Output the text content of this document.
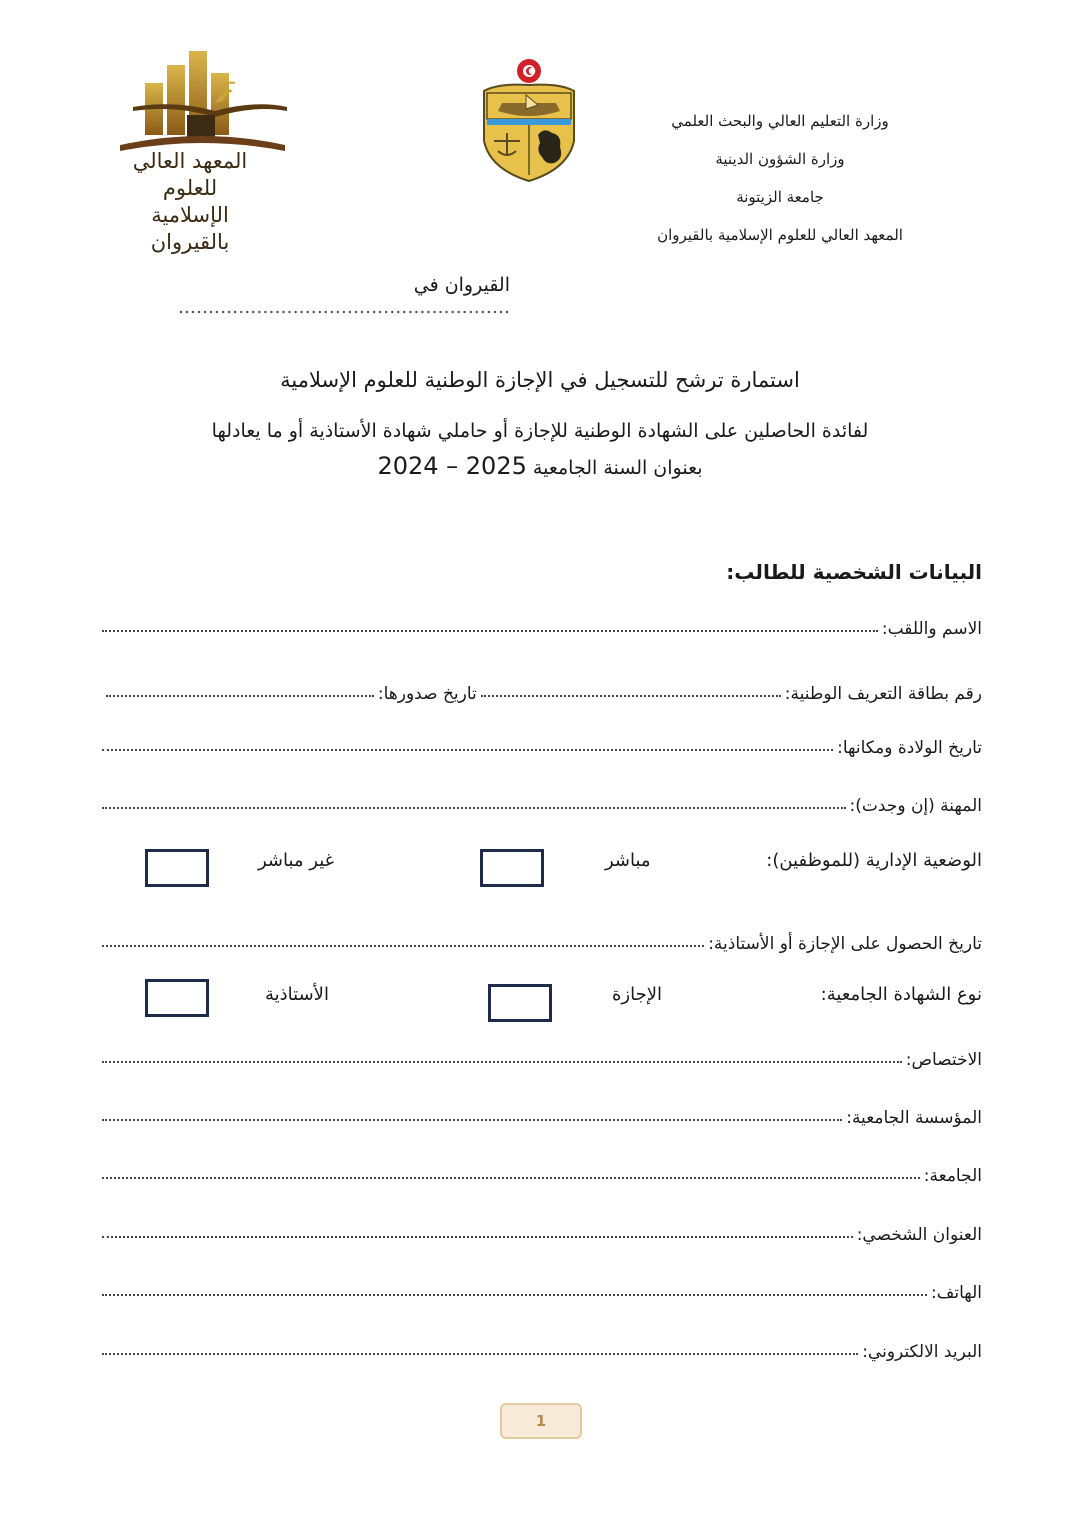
وزارة التعليم العالي والبحث العلمي
وزارة الشؤون الدينية
جامعة الزيتونة
المعهد العالي للعلوم الإسلامية بالقيروان
المعهد العالي للعلوم
الإسلامية بالقيروان
القيروان في .......................................................
استمارة ترشح للتسجيل في الإجازة الوطنية للعلوم الإسلامية
لفائدة الحاصلين على الشهادة الوطنية للإجازة أو حاملي شهادة الأستاذية أو ما يعادلها
بعنوان السنة الجامعية 2024 – 2025
البيانات الشخصية للطالب:
الاسم واللقب:
رقم بطاقة التعريف الوطنية:
تاريخ صدورها:
تاريخ الولادة ومكانها:
المهنة (إن وجدت):
الوضعية الإدارية (للموظفين):
مباشر
غير مباشر
تاريخ الحصول على الإجازة أو الأستاذية:
نوع الشهادة الجامعية:
الإجازة
الأستاذية
الاختصاص:
المؤسسة الجامعية:
الجامعة:
العنوان الشخصي:
الهاتف:
البريد الالكتروني:
1
